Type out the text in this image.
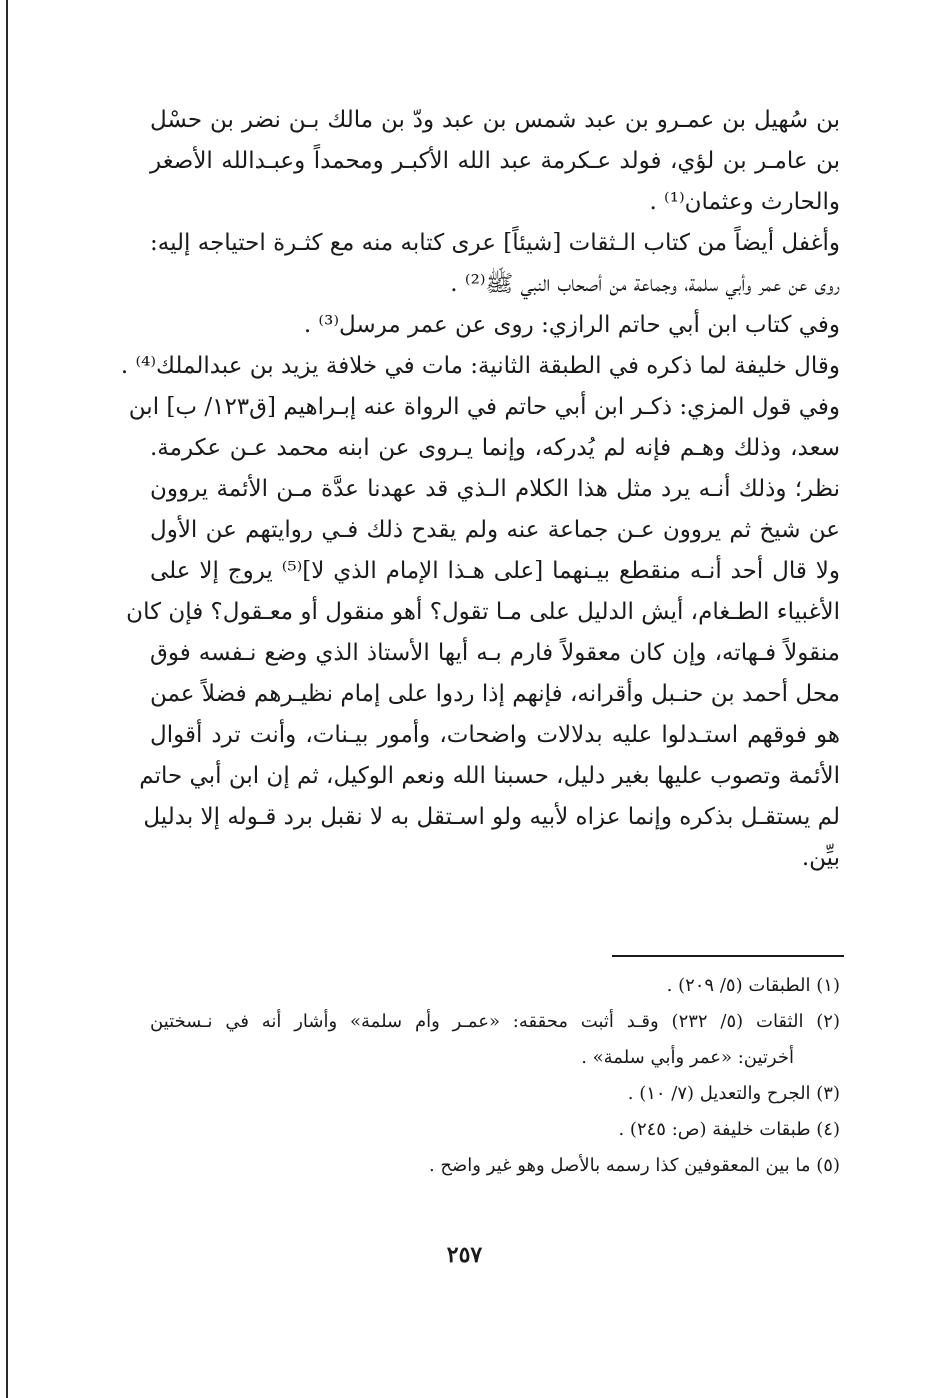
بن سُهيل بن عمـرو بن عبد شمس بن عبد ودّ بن مالك بـن نضر بن حسْل
بن عامـر بن لؤي، فولد عـكرمة عبد الله الأكبـر ومحمداً وعبـدالله الأصغر
والحارث وعثمان⁽¹⁾ .
وأغفل أيضاً من كتاب الـثقات [شيئاً] عرى كتابه منه مع كثـرة احتياجه إليه:
روى عن عمر وأبي سلمة، وجماعة من أصحاب النبي ﷺ⁽²⁾ .
وفي كتاب ابن أبي حاتم الرازي: روى عن عمر مرسل⁽³⁾ .
وقال خليفة لما ذكره في الطبقة الثانية: مات في خلافة يزيد بن عبدالملك⁽⁴⁾ .
وفي قول المزي: ذكـر ابن أبي حاتم في الرواة عنه إبـراهيم [ق١٢٣/ ب] ابن
سعد، وذلك وهـم فإنه لم يُدركه، وإنما يـروى عن ابنه محمد عـن عكرمة.
نظر؛ وذلك أنـه يرد مثل هذا الكلام الـذي قد عهدنا عدَّة مـن الأئمة يروون
عن شيخ ثم يروون عـن جماعة عنه ولم يقدح ذلك فـي روايتهم عن الأول
ولا قال أحد أنـه منقطع بيـنهما [على هـذا الإمام الذي لا]⁽⁵⁾ يروج إلا على
الأغبياء الطـغام، أيش الدليل على مـا تقول؟ أهو منقول أو معـقول؟ فإن كان
منقولاً فـهاته، وإن كان معقولاً فارم بـه أيها الأستاذ الذي وضع نـفسه فوق
محل أحمد بن حنـبل وأقرانه، فإنهم إذا ردوا على إمام نظيـرهم فضلاً عمن
هو فوقهم استـدلوا عليه بدلالات واضحات، وأمور بيـنات، وأنت ترد أقوال
الأئمة وتصوب عليها بغير دليل، حسبنا الله ونعم الوكيل، ثم إن ابن أبي حاتم
لم يستقـل بذكره وإنما عزاه لأبيه ولو اسـتقل به لا نقبل برد قـوله إلا بدليل
بيِّن.
(١) الطبقات (٥/ ٢٠٩) .
(٢) الثقات (٥/ ٢٣٢) وقـد أثبت محققه: «عمـر وأم سلمة» وأشار أنه في نـسختين
أخرتين: «عمر وأبي سلمة» .
(٣) الجرح والتعديل (٧/ ١٠) .
(٤) طبقات خليفة (ص: ٢٤٥) .
(٥) ما بين المعقوفين كذا رسمه بالأصل وهو غير واضح .
٢٥٧
